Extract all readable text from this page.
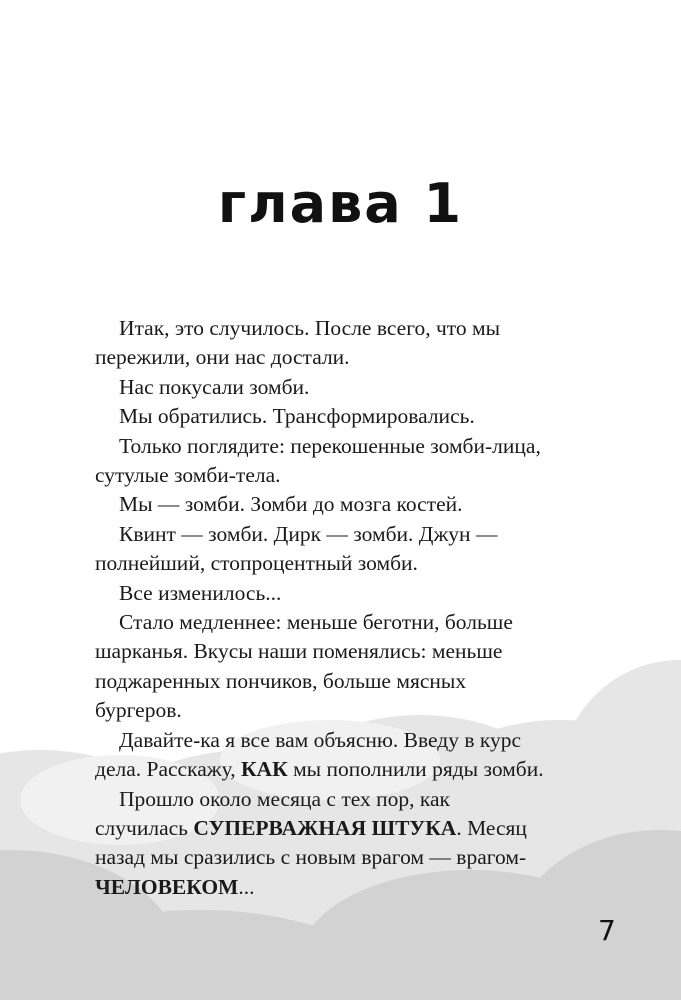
глава 1
Итак, это случилось. После всего, что мы
пережили, они нас достали.
Нас покусали зомби.
Мы обратились. Трансформировались.
Только поглядите: перекошенные зомби-лица,
сутулые зомби-тела.
Мы — зомби. Зомби до мозга костей.
Квинт — зомби. Дирк — зомби. Джун —
полнейший, стопроцентный зомби.
Все изменилось...
Стало медленнее: меньше беготни, больше
шарканья. Вкусы наши поменялись: меньше
поджаренных пончиков, больше мясных
бургеров.
Давайте-ка я все вам объясню. Введу в курс
дела. Расскажу, КАК мы пополнили ряды зомби.
Прошло около месяца с тех пор, как
случилась СУПЕРВАЖНАЯ ШТУКА. Месяц
назад мы сразились с новым врагом — врагом-
ЧЕЛОВЕКОМ...
7
